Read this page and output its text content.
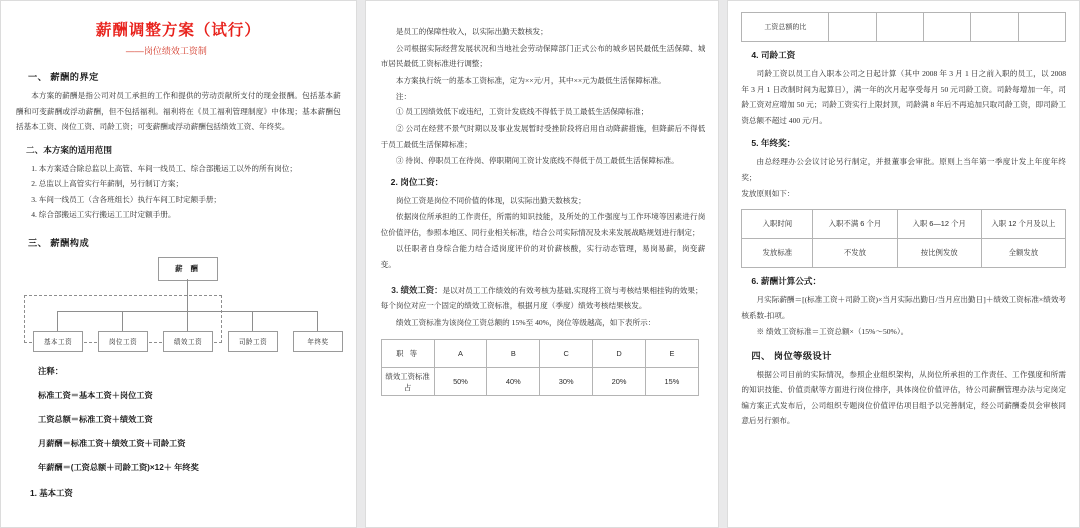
薪酬调整方案（试行）
——岗位绩效工资制
一、 薪酬的界定

本方案的薪酬是指公司对员工承担的工作和提供的劳动贡献所支付的现金报酬。包括基本薪酬和可变薪酬或浮动薪酬，但不包括福利。福利将在《员工福利管理制度》中体现；基本薪酬包括基本工资、岗位工资、司龄工资；可变薪酬或浮动薪酬包括绩效工资、年终奖。

二、本方案的适用范围

1. 本方案适合除总监以上高管、车间一线员工、综合部搬运工以外的所有岗位；

2. 总监以上高管实行年薪制，另行制订方案；

3. 车间一线员工（含各班组长）执行车间工时定额手册；

4. 综合部搬运工实行搬运工工时定额手册。

三、 薪酬构成
薪 酬
基本工资	岗位工资	绩效工资	司龄工资	年终奖
注释：
标准工资＝基本工资＋岗位工资
工资总额＝标准工资＋绩效工资
月薪酬＝标准工资＋绩效工资＋司龄工资
年薪酬＝(工资总额＋司龄工资)×12＋ 年终奖
1. 基本工资

是员工的保障性收入，以实际出勤天数核发；

公司根据实际经营发展状况和当地社会劳动保障部门正式公布的城乡居民最低生活保障、城市居民最低工资标准进行调整；

本方案执行统一的基本工资标准，定为××元/月，其中××元为最低生活保障标准。

注：

① 员工因绩效低下或违纪，工资计发底线不得低于员工最低生活保障标准；

② 公司在经营不景气时期以及事业发展暂时受挫阶段将启用自动降薪措施，但降薪后不得低于员工最低生活保障标准；

③ 待岗、停职员工在待岗、停职期间工资计发底线不得低于员工最低生活保障标准。

2. 岗位工资：

岗位工资是岗位不同价值的体现，以实际出勤天数核发；

依据岗位所承担的工作责任，所需的知识技能，及所处的工作强度与工作环境等因素进行岗位价值评估，参照本地区、同行业相关标准，结合公司实际情况及未来发展战略规划进行制定；

以任职者自身综合能力结合适岗度评价的对价薪核酸，实行动态管理，易岗易薪，岗变薪变。

3. 绩效工资：是以对员工工作绩效的有效考核为基础,实现将工资与考核结果相挂钩的效果；

每个岗位对应一个固定的绩效工资标准，根据月度（季度）绩效考核结果核发。

绩效工资标准为该岗位工资总额的 15%至 40%，岗位等级越高，如下表所示：

职 等	A	B	C	D	E
绩效工资标准占	50%	40%	30%	20%	15%
工资总额的比					
4. 司龄工资

司龄工资以员工自入职本公司之日起计算（其中 2008 年 3 月 1 日之前入职的员工，以 2008 年 3 月 1 日改制时间为起算日），满一年的次月起享受每月 50 元司龄工资。司龄每增加一年，司龄工资对应增加 50 元；司龄工资实行上限封顶，司龄满 8 年后不再追加只取司龄工资，即司龄工资总额不超过 400 元/月。

5. 年终奖：

由总经理办公会议讨论另行制定，并报董事会审批。原则上当年第一季度计发上年度年终奖；

发放原则如下：

入职时间	入职不满 6 个月	入职 6—12 个月	入职 12 个月及以上
发放标准	不发放	按比例发放	全额发放
6. 薪酬计算公式：

月实际薪酬＝[(标准工资＋司龄工资)×当月实际出勤日/当月应出勤日]＋绩效工资标准×绩效考核系数-扣项。

※ 绩效工资标准＝工资总额×（15%～50%）。

四、 岗位等级设计

根据公司目前的实际情况，参照企业组织架构，从岗位所承担的工作责任、工作强度和所需的知识技能、价值贡献等方面进行岗位排序，具体岗位价值评估，待公司薪酬管理办法与定岗定编方案正式发布后，公司组织专题岗位价值评估项目组予以完善制定，经公司薪酬委员会审核同意后另行颁布。
